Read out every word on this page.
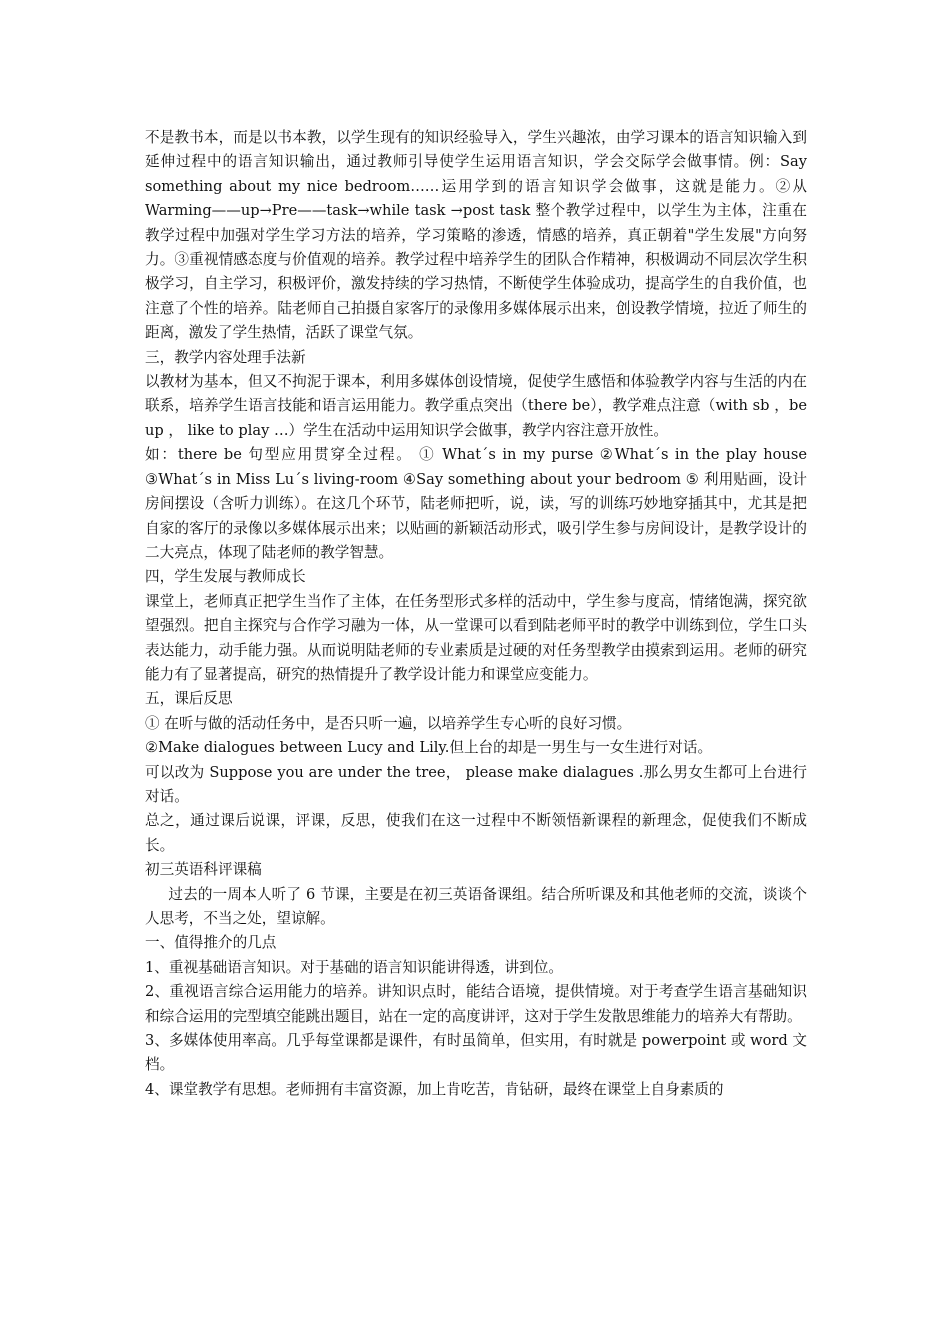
不是教书本，而是以书本教，以学生现有的知识经验导入，学生兴趣浓，由学习课本的语言知识输入到延伸过程中的语言知识输出，通过教师引导使学生运用语言知识，学会交际学会做事情。例：Say something about my nice bedroom……运用学到的语言知识学会做事，这就是能力。②从 Warming——up→Pre——task→while task →post task 整个教学过程中，以学生为主体，注重在教学过程中加强对学生学习方法的培养，学习策略的渗透，情感的培养，真正朝着"学生发展"方向努力。③重视情感态度与价值观的培养。教学过程中培养学生的团队合作精神，积极调动不同层次学生积极学习，自主学习，积极评价，激发持续的学习热情，不断使学生体验成功，提高学生的自我价值，也注意了个性的培养。陆老师自己拍摄自家客厅的录像用多媒体展示出来，创设教学情境，拉近了师生的距离，激发了学生热情，活跃了课堂气氛。

三，教学内容处理手法新

以教材为基本，但又不拘泥于课本，利用多媒体创设情境，促使学生感悟和体验教学内容与生活的内在联系，培养学生语言技能和语言运用能力。教学重点突出（there be），教学难点注意（with sb ，be up ， like to play …）学生在活动中运用知识学会做事，教学内容注意开放性。

如：there be 句型应用贯穿全过程。 ① What´s in my purse ②What´s in the play house ③What´s in Miss Lu´s living-room ④Say something about your bedroom ⑤ 利用贴画，设计房间摆设（含听力训练）。在这几个环节，陆老师把听，说，读，写的训练巧妙地穿插其中，尤其是把自家的客厅的录像以多媒体展示出来；以贴画的新颖活动形式，吸引学生参与房间设计，是教学设计的二大亮点，体现了陆老师的教学智慧。

四，学生发展与教师成长

课堂上，老师真正把学生当作了主体，在任务型形式多样的活动中，学生参与度高，情绪饱满，探究欲望强烈。把自主探究与合作学习融为一体，从一堂课可以看到陆老师平时的教学中训练到位，学生口头表达能力，动手能力强。从而说明陆老师的专业素质是过硬的对任务型教学由摸索到运用。老师的研究能力有了显著提高，研究的热情提升了教学设计能力和课堂应变能力。

五，课后反思

① 在听与做的活动任务中，是否只听一遍，以培养学生专心听的良好习惯。

②Make dialogues between Lucy and Lily.但上台的却是一男生与一女生进行对话。

可以改为 Suppose you are under the tree， please make dialagues .那么男女生都可上台进行对话。

总之，通过课后说课，评课，反思，使我们在这一过程中不断领悟新课程的新理念，促使我们不断成长。

初三英语科评课稿

过去的一周本人听了 6 节课，主要是在初三英语备课组。结合所听课及和其他老师的交流，谈谈个人思考，不当之处，望谅解。

一、值得推介的几点

1、重视基础语言知识。对于基础的语言知识能讲得透，讲到位。

2、重视语言综合运用能力的培养。讲知识点时，能结合语境，提供情境。对于考查学生语言基础知识和综合运用的完型填空能跳出题目，站在一定的高度讲评，这对于学生发散思维能力的培养大有帮助。

3、多媒体使用率高。几乎每堂课都是课件，有时虽简单，但实用，有时就是 powerpoint 或 word 文档。

4、课堂教学有思想。老师拥有丰富资源，加上肯吃苦，肯钻研，最终在课堂上自身素质的
